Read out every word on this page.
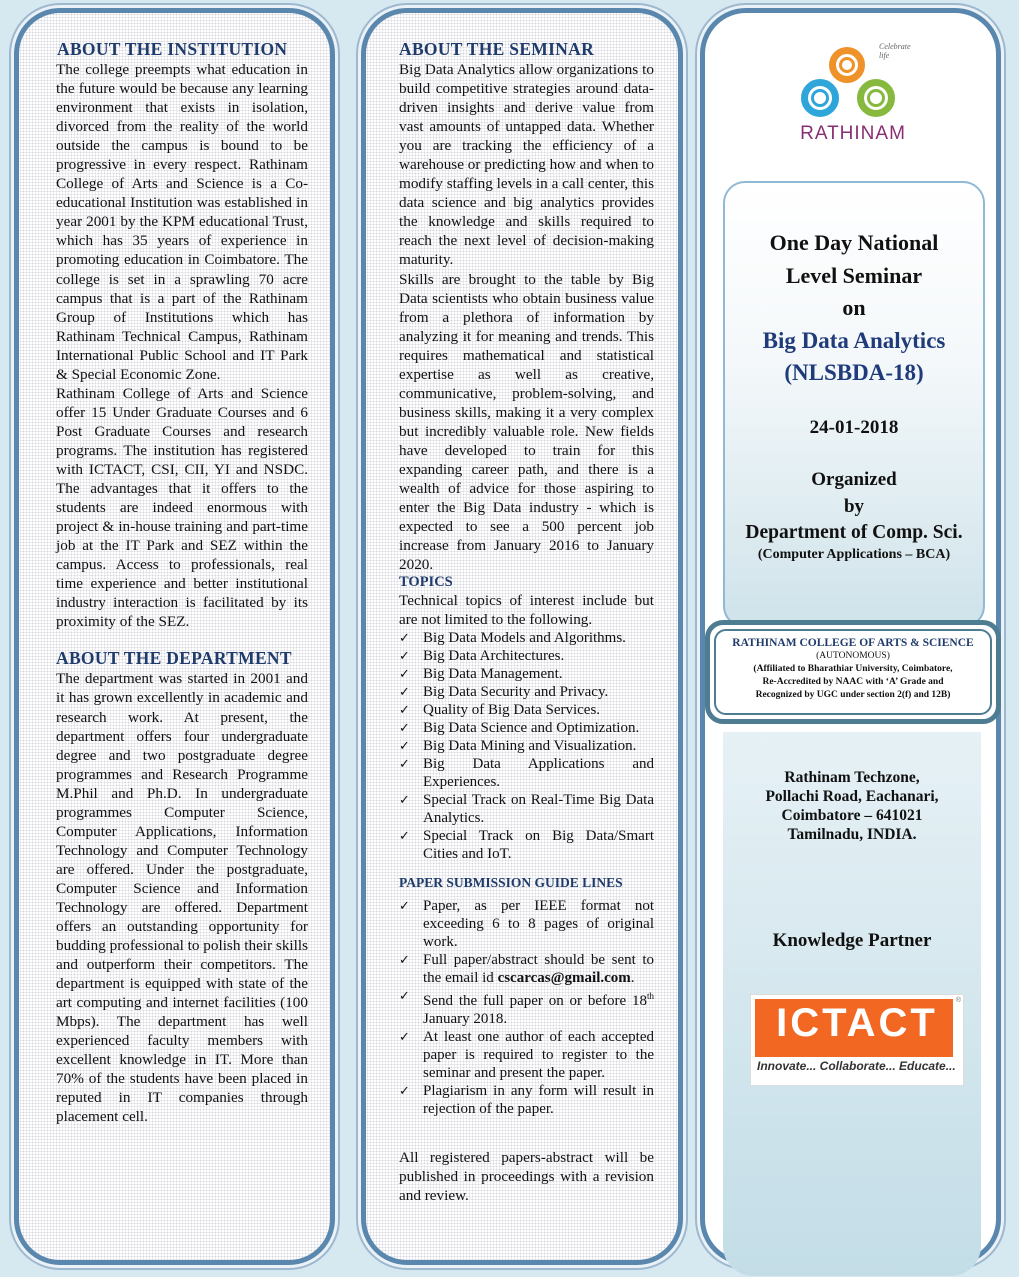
ABOUT THE INSTITUTION

The college preempts what education in the future would be because any learning environment that exists in isolation, divorced from the reality of the world outside the campus is bound to be progressive in every respect. Rathinam College of Arts and Science is a Co-educational Institution was established in year 2001 by the KPM educational Trust, which has 35 years of experience in promoting education in Coimbatore. The college is set in a sprawling 70 acre campus that is a part of the Rathinam Group of Institutions which has Rathinam Technical Campus, Rathinam International Public School and IT Park & Special Economic Zone.

Rathinam College of Arts and Science offer 15 Under Graduate Courses and 6 Post Graduate Courses and research programs. The institution has registered with ICTACT, CSI, CII, YI and NSDC. The advantages that it offers to the students are indeed enormous with project & in-house training and part-time job at the IT Park and SEZ within the campus. Access to professionals, real time experience and better institutional industry interaction is facilitated by its proximity of the SEZ.

ABOUT THE DEPARTMENT

The department was started in 2001 and it has grown excellently in academic and research work. At present, the department offers four undergraduate degree and two postgraduate degree programmes and Research Programme M.Phil and Ph.D. In undergraduate programmes Computer Science, Computer Applications, Information Technology and Computer Technology are offered. Under the postgraduate, Computer Science and Information Technology are offered. Department offers an outstanding opportunity for budding professional to polish their skills and outperform their competitors. The department is equipped with state of the art computing and internet facilities (100 Mbps). The department has well experienced faculty members with excellent knowledge in IT. More than 70% of the students have been placed in reputed in IT companies through placement cell.

ABOUT THE SEMINAR

Big Data Analytics allow organizations to build competitive strategies around data-driven insights and derive value from vast amounts of untapped data. Whether you are tracking the efficiency of a warehouse or predicting how and when to modify staffing levels in a call center, this data science and big analytics provides the knowledge and skills required to reach the next level of decision-making maturity.

Skills are brought to the table by Big Data scientists who obtain business value from a plethora of information by analyzing it for meaning and trends. This requires mathematical and statistical expertise as well as creative, communicative, problem-solving, and business skills, making it a very complex but incredibly valuable role. New fields have developed to train for this expanding career path, and there is a wealth of advice for those aspiring to enter the Big Data industry - which is expected to see a 500 percent job increase from January 2016 to January 2020.

TOPICS

Technical topics of interest include but are not limited to the following.

✓ Big Data Models and Algorithms.
✓ Big Data Architectures.
✓ Big Data Management.
✓ Big Data Security and Privacy.
✓ Quality of Big Data Services.
✓ Big Data Science and Optimization.
✓ Big Data Mining and Visualization.
✓ Big Data Applications and Experiences.
✓ Special Track on Real-Time Big Data Analytics.
✓ Special Track on Big Data/Smart Cities and IoT.
PAPER SUBMISSION GUIDE LINES
✓ Paper, as per IEEE format not exceeding 6 to 8 pages of original work.
✓ Full paper/abstract should be sent to the email id cscarcas@gmail.com.
✓ Send the full paper on or before 18th January 2018.
✓ At least one author of each accepted paper is required to register to the seminar and present the paper.
✓ Plagiarism in any form will result in rejection of the paper.

All registered papers-abstract will be published in proceedings with a revision and review.

Celebrate life
RATHINAM

One Day National

Level Seminar

on

Big Data Analytics

(NLSBDA-18)

24-01-2018

Organized

by

Department of Comp. Sci.

(Computer Applications – BCA)

RATHINAM COLLEGE OF ARTS & SCIENCE
(AUTONOMOUS)
(Affiliated to Bharathiar University, Coimbatore,
Re-Accredited by NAAC with ‘A’ Grade and
Recognized by UGC under section 2(f) and 12B)

Rathinam Techzone,

Pollachi Road, Eachanari,

Coimbatore – 641021

Tamilnadu, INDIA.

Knowledge Partner

ICTACT
Innovate... Collaborate... Educate...
®
